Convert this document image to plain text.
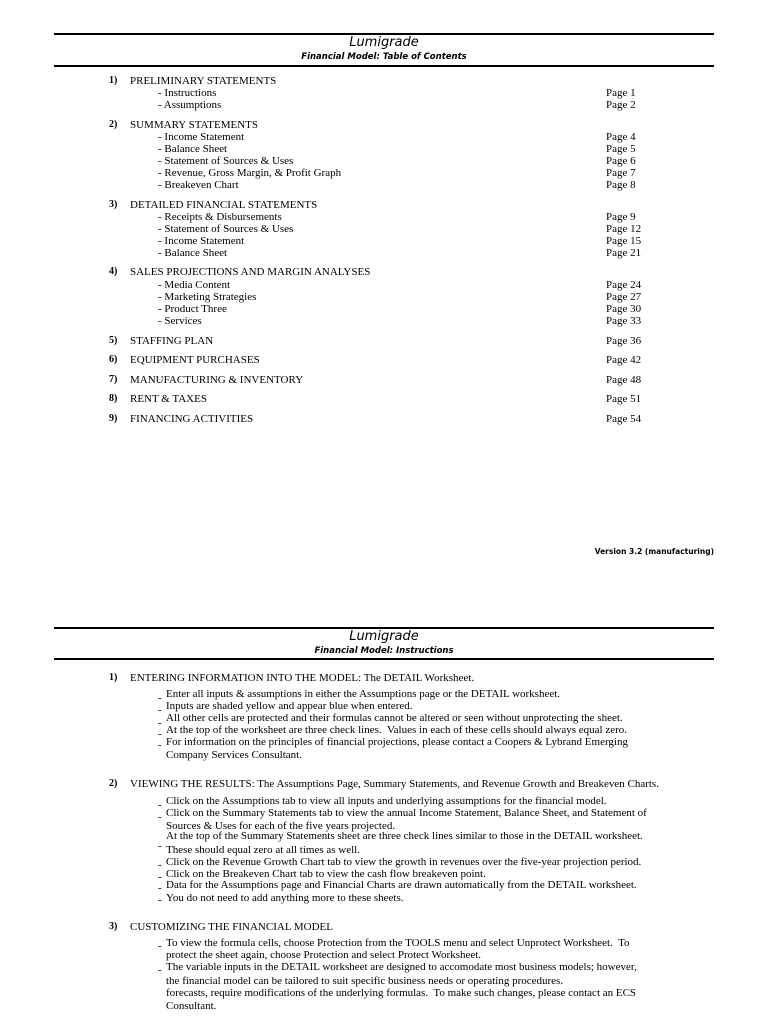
Lumigrade
Financial Model: Table of Contents
1) PRELIMINARY STATEMENTS
- Instructions	Page 1
- Assumptions	Page 2
2) SUMMARY STATEMENTS
- Income Statement	Page 4
- Balance Sheet	Page 5
- Statement of Sources & Uses	Page 6
- Revenue, Gross Margin, & Profit Graph	Page 7
- Breakeven Chart	Page 8
3) DETAILED FINANCIAL STATEMENTS
- Receipts & Disbursements	Page 9
- Statement of Sources & Uses	Page 12
- Income Statement	Page 15
- Balance Sheet	Page 21
4) SALES PROJECTIONS AND MARGIN ANALYSES
- Media Content	Page 24
- Marketing Strategies	Page 27
- Product Three	Page 30
- Services	Page 33
5) STAFFING PLAN	Page 36
6) EQUIPMENT PURCHASES	Page 42
7) MANUFACTURING & INVENTORY	Page 48
8) RENT & TAXES	Page 51
9) FINANCING ACTIVITIES	Page 54
Version 3.2 (manufacturing)
Lumigrade
Financial Model: Instructions
1) ENTERING INFORMATION INTO THE MODEL: The DETAIL Worksheet.
- Enter all inputs & assumptions in either the Assumptions page or the DETAIL worksheet.
- Inputs are shaded yellow and appear blue when entered.
- All other cells are protected and their formulas cannot be altered or seen without unprotecting the sheet.
- At the top of the worksheet are three check lines.  Values in each of these cells should always equal zero.
- For information on the principles of financial projections, please contact a Coopers & Lybrand Emerging
Company Services Consultant.
2) VIEWING THE RESULTS: The Assumptions Page, Summary Statements, and Revenue Growth and Breakeven Charts.
- Click on the Assumptions tab to view all inputs and underlying assumptions for the financial model.
- Click on the Summary Statements tab to view the annual Income Statement, Balance Sheet, and Statement of
Sources & Uses for each of the five years projected.
-
At the top of the Summary Statements sheet are three check lines similar to those in the DETAIL worksheet.
These should equal zero at all times as well.
- Click on the Revenue Growth Chart tab to view the growth in revenues over the five-year projection period.
- Click on the Breakeven Chart tab to view the cash flow breakeven point.
- Data for the Assumptions page and Financial Charts are drawn automatically from the DETAIL worksheet.
- You do not need to add anything more to these sheets.
3) CUSTOMIZING THE FINANCIAL MODEL
- To view the formula cells, choose Protection from the TOOLS menu and select Unprotect Worksheet.  To
protect the sheet again, choose Protection and select Protect Worksheet.
- The variable inputs in the DETAIL worksheet are designed to accomodate most business models; however,
the financial model can be tailored to suit specific business needs or operating procedures.
forecasts, require modifications of the underlying formulas.  To make such changes, please contact an ECS
Consultant.
